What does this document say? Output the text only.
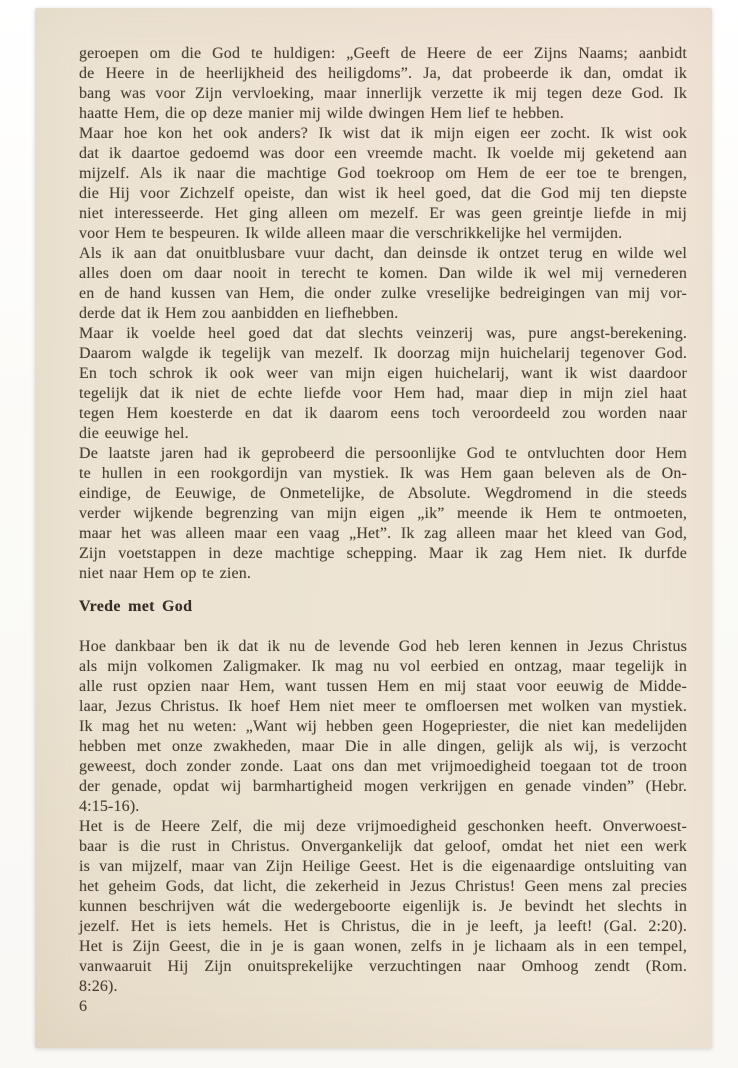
geroepen om die God te huldigen: „Geeft de Heere de eer Zijns Naams; aanbidt
de Heere in de heerlijkheid des heiligdoms”. Ja, dat probeerde ik dan, omdat ik
bang was voor Zijn vervloeking, maar innerlijk verzette ik mij tegen deze God. Ik
haatte Hem, die op deze manier mij wilde dwingen Hem lief te hebben.
Maar hoe kon het ook anders? Ik wist dat ik mijn eigen eer zocht. Ik wist ook
dat ik daartoe gedoemd was door een vreemde macht. Ik voelde mij geketend aan
mijzelf. Als ik naar die machtige God toekroop om Hem de eer toe te brengen,
die Hij voor Zichzelf opeiste, dan wist ik heel goed, dat die God mij ten diepste
niet interesseerde. Het ging alleen om mezelf. Er was geen greintje liefde in mij
voor Hem te bespeuren. Ik wilde alleen maar die verschrikkelijke hel vermijden.
Als ik aan dat onuitblusbare vuur dacht, dan deinsde ik ontzet terug en wilde wel
alles doen om daar nooit in terecht te komen. Dan wilde ik wel mij vernederen
en de hand kussen van Hem, die onder zulke vreselijke bedreigingen van mij vor-
derde dat ik Hem zou aanbidden en liefhebben.
Maar ik voelde heel goed dat dat slechts veinzerij was, pure angst-berekening.
Daarom walgde ik tegelijk van mezelf. Ik doorzag mijn huichelarij tegenover God.
En toch schrok ik ook weer van mijn eigen huichelarij, want ik wist daardoor
tegelijk dat ik niet de echte liefde voor Hem had, maar diep in mijn ziel haat
tegen Hem koesterde en dat ik daarom eens toch veroordeeld zou worden naar
die eeuwige hel.
De laatste jaren had ik geprobeerd die persoonlijke God te ontvluchten door Hem
te hullen in een rookgordijn van mystiek. Ik was Hem gaan beleven als de On-
eindige, de Eeuwige, de Onmetelijke, de Absolute. Wegdromend in die steeds
verder wijkende begrenzing van mijn eigen „ik” meende ik Hem te ontmoeten,
maar het was alleen maar een vaag „Het”. Ik zag alleen maar het kleed van God,
Zijn voetstappen in deze machtige schepping. Maar ik zag Hem niet. Ik durfde
niet naar Hem op te zien.
Vrede met God
Hoe dankbaar ben ik dat ik nu de levende God heb leren kennen in Jezus Christus
als mijn volkomen Zaligmaker. Ik mag nu vol eerbied en ontzag, maar tegelijk in
alle rust opzien naar Hem, want tussen Hem en mij staat voor eeuwig de Midde-
laar, Jezus Christus. Ik hoef Hem niet meer te omfloersen met wolken van mystiek.
Ik mag het nu weten: „Want wij hebben geen Hogepriester, die niet kan medelijden
hebben met onze zwakheden, maar Die in alle dingen, gelijk als wij, is verzocht
geweest, doch zonder zonde. Laat ons dan met vrijmoedigheid toegaan tot de troon
der genade, opdat wij barmhartigheid mogen verkrijgen en genade vinden” (Hebr.
4:15-16).
Het is de Heere Zelf, die mij deze vrijmoedigheid geschonken heeft. Onverwoest-
baar is die rust in Christus. Onvergankelijk dat geloof, omdat het niet een werk
is van mijzelf, maar van Zijn Heilige Geest. Het is die eigenaardige ontsluiting van
het geheim Gods, dat licht, die zekerheid in Jezus Christus! Geen mens zal precies
kunnen beschrijven wát die wedergeboorte eigenlijk is. Je bevindt het slechts in
jezelf. Het is iets hemels. Het is Christus, die in je leeft, ja leeft! (Gal. 2:20).
Het is Zijn Geest, die in je is gaan wonen, zelfs in je lichaam als in een tempel,
vanwaaruit Hij Zijn onuitsprekelijke verzuchtingen naar Omhoog zendt (Rom.
8:26).
6
